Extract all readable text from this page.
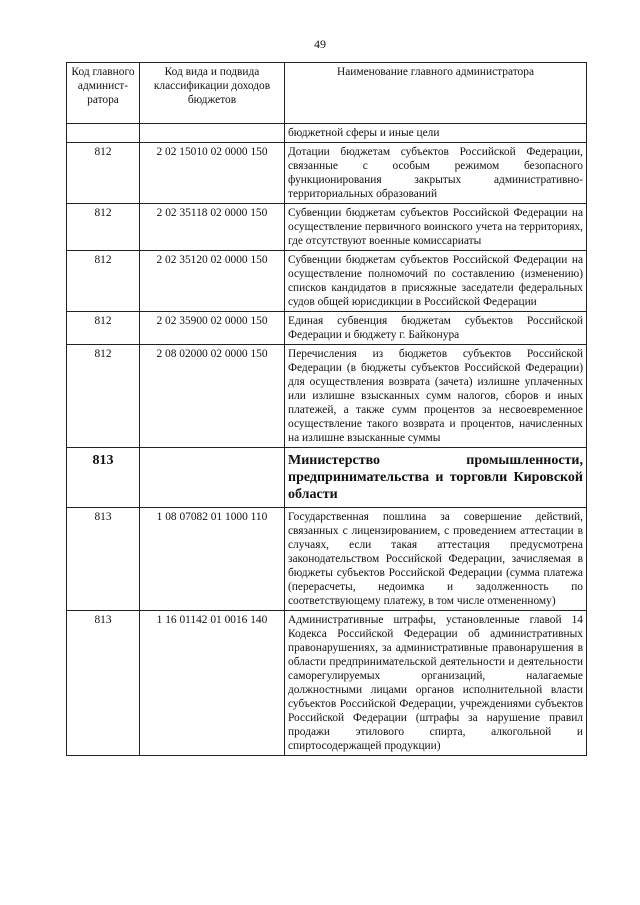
49
Код главного админист-ратора	Код вида и подвида классификации доходов бюджетов	Наименование главного администратора
		бюджетной сферы и иные цели
812	2 02 15010 02 0000 150	Дотации бюджетам субъектов Российской Федерации, связанные с особым режимом безопасного функционирования закрытых административно-территориальных образований
812	2 02 35118 02 0000 150	Субвенции бюджетам субъектов Российской Федерации на осуществление первичного воинского учета на территориях, где отсутствуют военные комиссариаты
812	2 02 35120 02 0000 150	Субвенции бюджетам субъектов Российской Федерации на осуществление полномочий по составлению (изменению) списков кандидатов в присяжные заседатели федеральных судов общей юрисдикции в Российской Федерации
812	2 02 35900 02 0000 150	Единая субвенция бюджетам субъектов Российской Федерации и бюджету г. Байконура
812	2 08 02000 02 0000 150	Перечисления из бюджетов субъектов Российской Федерации (в бюджеты субъектов Российской Федерации) для осуществления возврата (зачета) излишне уплаченных или излишне взысканных сумм налогов, сборов и иных платежей, а также сумм процентов за несвоевременное осуществление такого возврата и процентов, начисленных на излишне взысканные суммы
813		Министерство промышленности, предпринимательства и торговли Кировской области
813	1 08 07082 01 1000 110	Государственная пошлина за совершение действий, связанных с лицензированием, с проведением аттестации в случаях, если такая аттестация предусмотрена законодательством Российской Федерации, зачисляемая в бюджеты субъектов Российской Федерации (сумма платежа (перерасчеты, недоимка и задолженность по соответствующему платежу, в том числе отмененному)
813	1 16 01142 01 0016 140	Административные штрафы, установленные главой 14 Кодекса Российской Федерации об административных правонарушениях, за административные правонарушения в области предпринимательской деятельности и деятельности саморегулируемых организаций, налагаемые должностными лицами органов исполнительной власти субъектов Российской Федерации, учреждениями субъектов Российской Федерации (штрафы за нарушение правил продажи этилового спирта, алкогольной и спиртосодержащей продукции)
